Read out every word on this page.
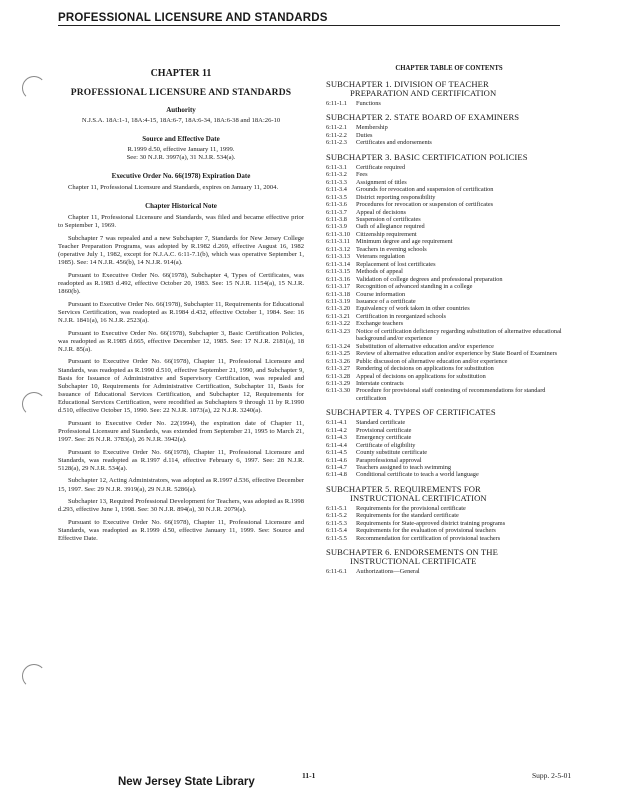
PROFESSIONAL LICENSURE AND STANDARDS
CHAPTER 11
PROFESSIONAL LICENSURE AND STANDARDS
Authority
N.J.S.A. 18A:1-1, 18A:4-15, 18A:6-7, 18A:6-34, 18A:6-38 and 18A:26-10
Source and Effective Date
R.1999 d.50, effective January 11, 1999.
See: 30 N.J.R. 3997(a), 31 N.J.R. 534(a).
Executive Order No. 66(1978) Expiration Date

Chapter 11, Professional Licensure and Standards, expires on January 11, 2004.

Chapter Historical Note

Chapter 11, Professional Licensure and Standards, was filed and became effective prior to September 1, 1969.

Subchapter 7 was repealed and a new Subchapter 7, Standards for New Jersey College Teacher Preparation Programs, was adopted by R.1982 d.269, effective August 16, 1982 (operative July 1, 1982, except for N.J.A.C. 6:11-7.1(b), which was operative September 1, 1985). See: 14 N.J.R. 456(b), 14 N.J.R. 914(a).

Pursuant to Executive Order No. 66(1978), Subchapter 4, Types of Certificates, was readopted as R.1983 d.492, effective October 20, 1983. See: 15 N.J.R. 1154(a), 15 N.J.R. 1860(b).

Pursuant to Executive Order No. 66(1978), Subchapter 11, Requirements for Educational Services Certification, was readopted as R.1984 d.432, effective October 1, 1984. See: 16 N.J.R. 1841(a), 16 N.J.R. 2523(a).

Pursuant to Executive Order No. 66(1978), Subchapter 3, Basic Certification Policies, was readopted as R.1985 d.665, effective December 12, 1985. See: 17 N.J.R. 2181(a), 18 N.J.R. 85(a).

Pursuant to Executive Order No. 66(1978), Chapter 11, Professional Licensure and Standards, was readopted as R.1990 d.510, effective September 21, 1990, and Subchapter 9, Basis for Issuance of Administrative and Supervisory Certification, was repealed and Subchapter 10, Requirements for Administrative Certification, Subchapter 11, Basis for Issuance of Educational Services Certification, and Subchapter 12, Requirements for Educational Services Certification, were recodified as Subchapters 9 through 11 by R.1990 d.510, effective October 15, 1990. See: 22 N.J.R. 1873(a), 22 N.J.R. 3240(a).

Pursuant to Executive Order No. 22(1994), the expiration date of Chapter 11, Professional Licensure and Standards, was extended from September 21, 1995 to March 21, 1997. See: 26 N.J.R. 3783(a), 26 N.J.R. 3942(a).

Pursuant to Executive Order No. 66(1978), Chapter 11, Professional Licensure and Standards, was readopted as R.1997 d.114, effective February 6, 1997. See: 28 N.J.R. 5128(a), 29 N.J.R. 534(a).

Subchapter 12, Acting Administrators, was adopted as R.1997 d.536, effective December 15, 1997. See: 29 N.J.R. 3919(a), 29 N.J.R. 5286(a).

Subchapter 13, Required Professional Development for Teachers, was adopted as R.1998 d.293, effective June 1, 1998. See: 30 N.J.R. 894(a), 30 N.J.R. 2079(a).

Pursuant to Executive Order No. 66(1978), Chapter 11, Professional Licensure and Standards, was readopted as R.1999 d.50, effective January 11, 1999. See: Source and Effective Date.

CHAPTER TABLE OF CONTENTS
SUBCHAPTER 1. DIVISION OF TEACHER
PREPARATION AND CERTIFICATION
6:11-1.1	Functions
SUBCHAPTER 2. STATE BOARD OF EXAMINERS
6:11-2.1	Membership
6:11-2.2	Duties
6:11-2.3	Certificates and endorsements
SUBCHAPTER 3. BASIC CERTIFICATION POLICIES
6:11-3.1	Certificate required
6:11-3.2	Fees
6:11-3.3	Assignment of titles
6:11-3.4	Grounds for revocation and suspension of certification
6:11-3.5	District reporting responsibility
6:11-3.6	Procedures for revocation or suspension of certificates
6:11-3.7	Appeal of decisions
6:11-3.8	Suspension of certificates
6:11-3.9	Oath of allegiance required
6:11-3.10 Citizenship requirement
6:11-3.11 Minimum degree and age requirement
6:11-3.12 Teachers in evening schools
6:11-3.13 Veterans regulation
6:11-3.14 Replacement of lost certificates
6:11-3.15 Methods of appeal
6:11-3.16 Validation of college degrees and professional preparation
6:11-3.17 Recognition of advanced standing in a college
6:11-3.18 Course information
6:11-3.19 Issuance of a certificate
6:11-3.20 Equivalency of work taken in other countries
6:11-3.21 Certification in reorganized schools
6:11-3.22 Exchange teachers
6:11-3.23 Notice of certification deficiency regarding substitution of alternative educational background and/or experience
6:11-3.24 Substitution of alternative education and/or experience
6:11-3.25 Review of alternative education and/or experience by State Board of Examiners
6:11-3.26 Public discussion of alternative education and/or experience
6:11-3.27 Rendering of decisions on applications for substitution
6:11-3.28 Appeal of decisions on applications for substitution
6:11-3.29 Interstate contracts
6:11-3.30 Procedure for provisional staff contesting of recommendations for standard certification
SUBCHAPTER 4. TYPES OF CERTIFICATES
6:11-4.1	Standard certificate
6:11-4.2	Provisional certificate
6:11-4.3	Emergency certificate
6:11-4.4	Certificate of eligibility
6:11-4.5	County substitute certificate
6:11-4.6	Paraprofessional approval
6:11-4.7	Teachers assigned to teach swimming
6:11-4.8	Conditional certificate to teach a world language
SUBCHAPTER 5. REQUIREMENTS FOR
INSTRUCTIONAL CERTIFICATION
6:11-5.1	Requirements for the provisional certificate
6:11-5.2	Requirements for the standard certificate
6:11-5.3	Requirements for State-approved district training programs
6:11-5.4	Requirements for the evaluation of provisional teachers
6:11-5.5	Recommendation for certification of provisional teachers
SUBCHAPTER 6. ENDORSEMENTS ON THE
INSTRUCTIONAL CERTIFICATE
6:11-6.1	Authorizations—General
New Jersey State Library
11-1	Supp. 2-5-01
